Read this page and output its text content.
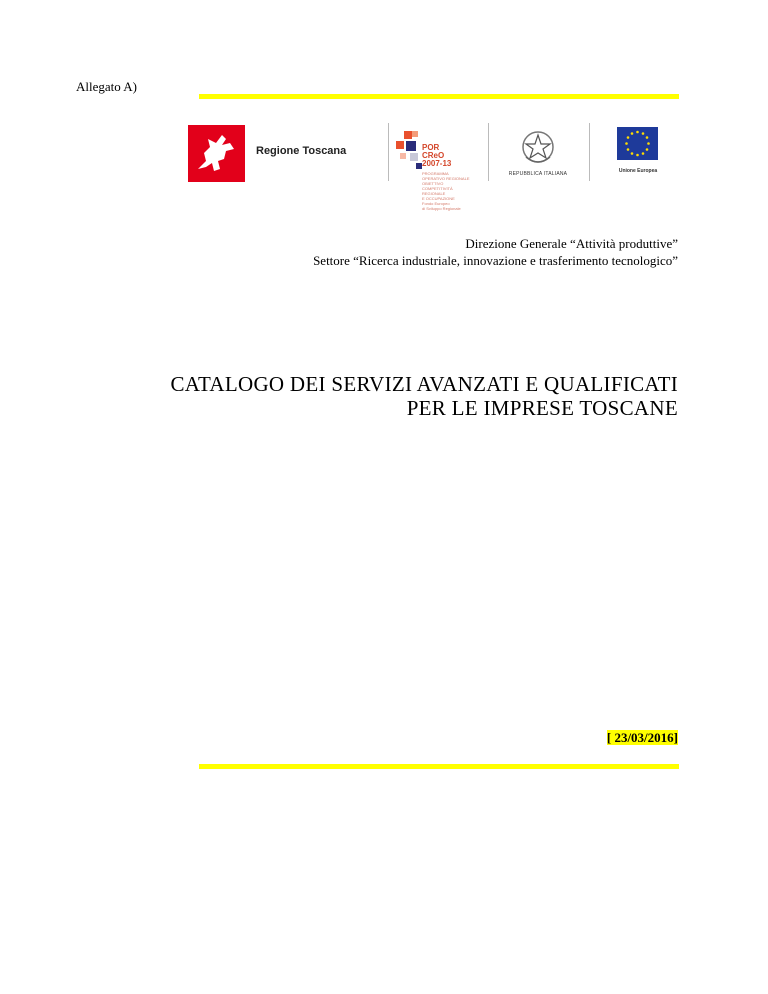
Allegato A)
Regione Toscana	POR
CReO
2007-13
PROGRAMMA
OPERATIVO REGIONALE
OBIETTIVO
COMPETITIVITÀ
REGIONALE
E OCCUPAZIONE
Fondo Europeo
di Sviluppo Regionale
REPUBBLICA ITALIANA	Unione Europea
Direzione Generale “Attività produttive”
Settore “Ricerca industriale, innovazione e trasferimento tecnologico”
CATALOGO DEI SERVIZI AVANZATI E QUALIFICATI
PER LE IMPRESE TOSCANE
[ 23/03/2016]
